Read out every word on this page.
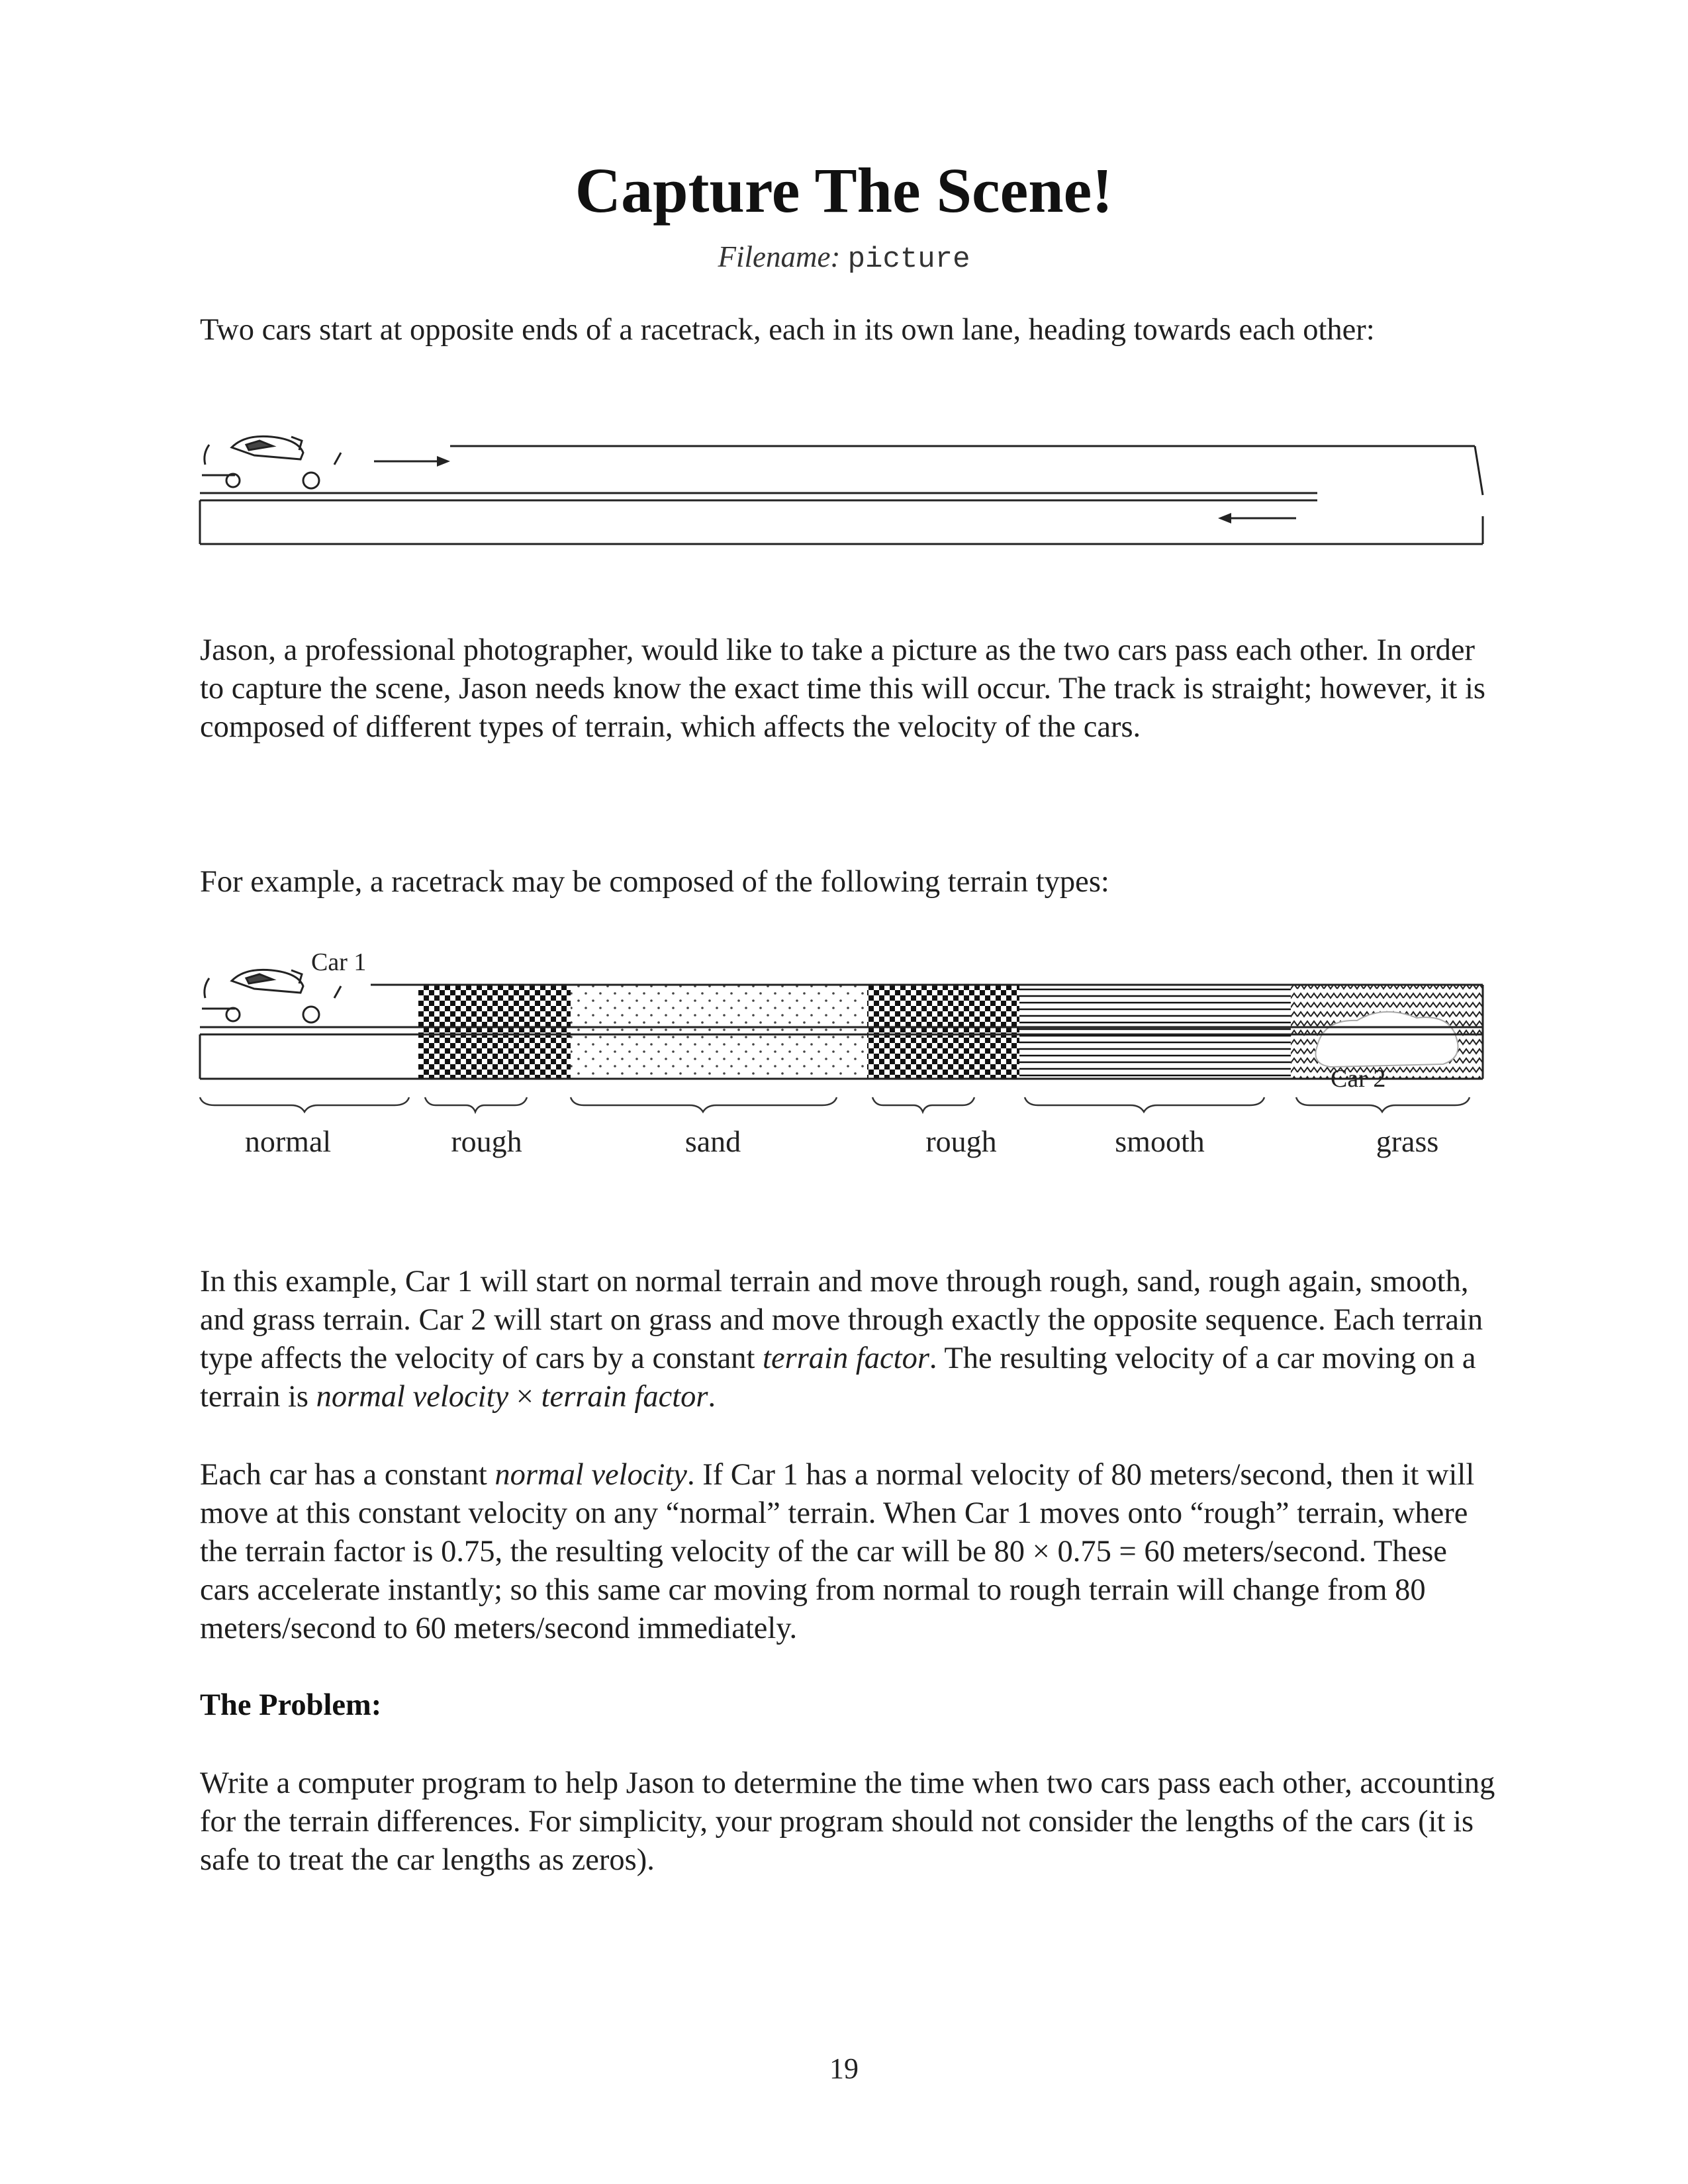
Capture The Scene!
Filename: picture

Two cars start at opposite ends of a racetrack, each in its own lane, heading towards each other:

Jason, a professional photographer, would like to take a picture as the two cars pass each other. In order to capture the scene, Jason needs know the exact time this will occur. The track is straight; however, it is composed of different types of terrain, which affects the velocity of the cars.

For example, a racetrack may be composed of the following terrain types:

Car 1
Car 2
normal	rough	sand	rough	smooth	grass

In this example, Car 1 will start on normal terrain and move through rough, sand, rough again, smooth, and grass terrain. Car 2 will start on grass and move through exactly the opposite sequence. Each terrain type affects the velocity of cars by a constant terrain factor. The resulting velocity of a car moving on a terrain is normal velocity × terrain factor.

Each car has a constant normal velocity. If Car 1 has a normal velocity of 80 meters/second, then it will move at this constant velocity on any “normal” terrain. When Car 1 moves onto “rough” terrain, where the terrain factor is 0.75, the resulting velocity of the car will be 80 × 0.75 = 60 meters/second. These cars accelerate instantly; so this same car moving from normal to rough terrain will change from 80 meters/second to 60 meters/second immediately.

The Problem:

Write a computer program to help Jason to determine the time when two cars pass each other, accounting for the terrain differences. For simplicity, your program should not consider the lengths of the cars (it is safe to treat the car lengths as zeros).

19
